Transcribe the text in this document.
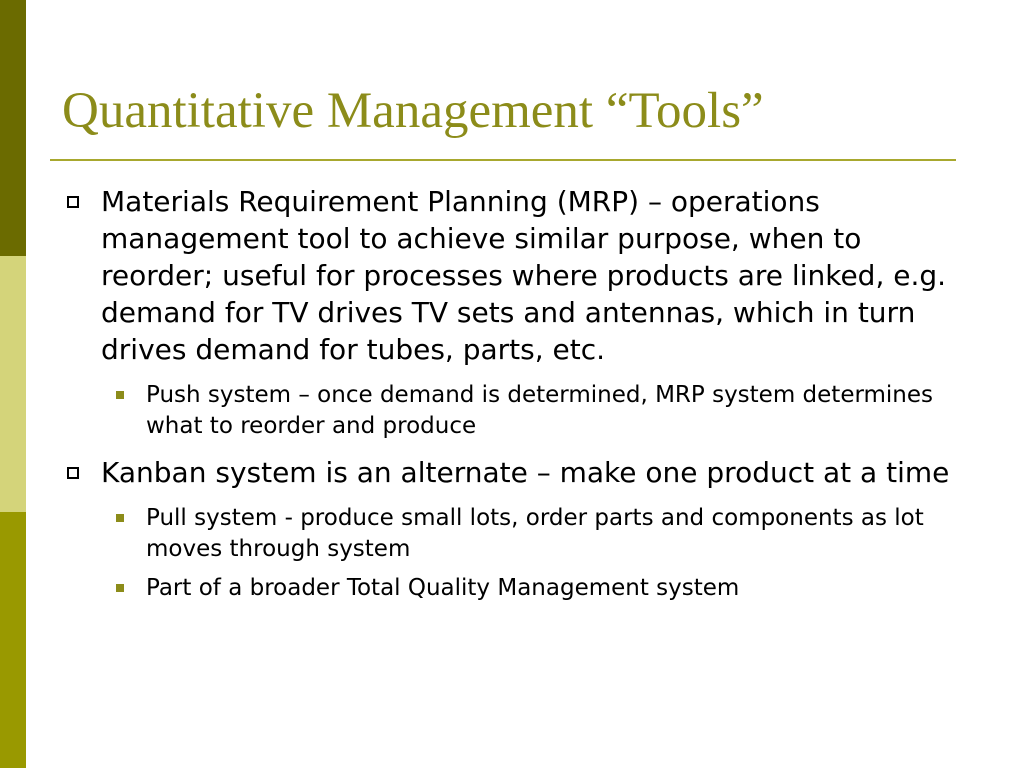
Quantitative Management “Tools”
Materials Requirement Planning (MRP) – operations management tool to achieve similar purpose, when to reorder; useful for processes where products are linked, e.g. demand for TV drives TV sets and antennas, which in turn drives demand for tubes, parts, etc.
Push system – once demand is determined, MRP system determines what to reorder and produce
Kanban system is an alternate – make one product at a time
Pull system - produce small lots, order parts and components as lot moves through system
Part of a broader Total Quality Management system
